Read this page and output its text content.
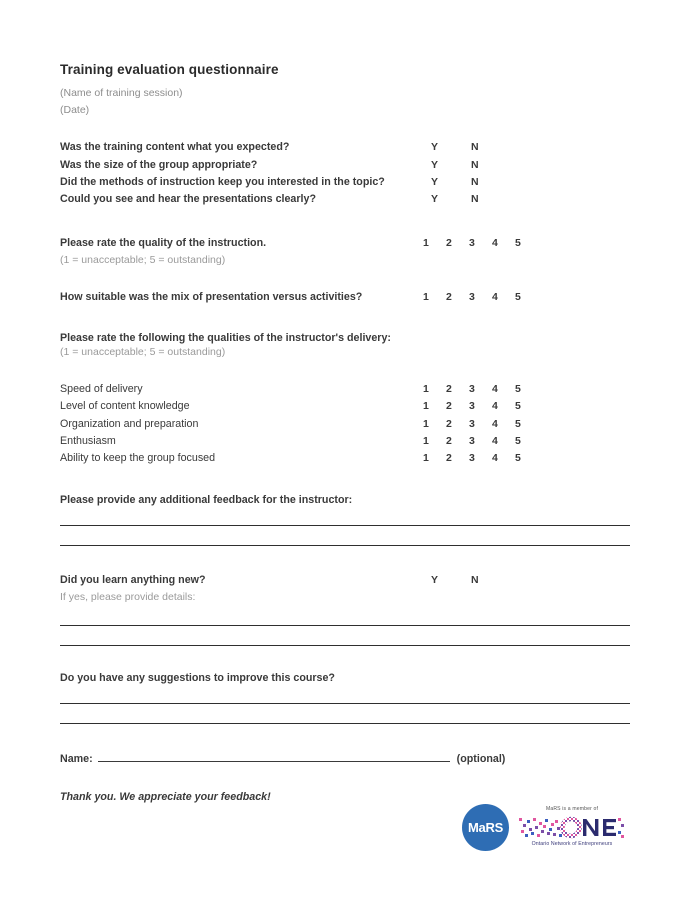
Training evaluation questionnaire
(Name of training session)
(Date)
Was the training content what you expected?	Y	N
Was the size of the group appropriate?	Y	N
Did the methods of instruction keep you interested in the topic?	Y	N
Could you see and hear the presentations clearly?	Y	N
Please rate the quality of the instruction.	1	2	3	4	5
(1 = unacceptable; 5 = outstanding)
How suitable was the mix of presentation versus activities?	1	2	3	4	5
Please rate the following the qualities of the instructor's delivery:
(1 = unacceptable; 5 = outstanding)
Speed of delivery	1	2	3	4	5
Level of content knowledge	1	2	3	4	5
Organization and preparation	1	2	3	4	5
Enthusiasm	1	2	3	4	5
Ability to keep the group focused	1	2	3	4	5
Please provide any additional feedback for the instructor:
Did you learn anything new?	Y	N
If yes, please provide details:
Do you have any suggestions to improve this course?
Name:	(optional)
Thank you. We appreciate your feedback!
MaRS
MaRS is a member of
Ontario Network of Entrepreneurs
